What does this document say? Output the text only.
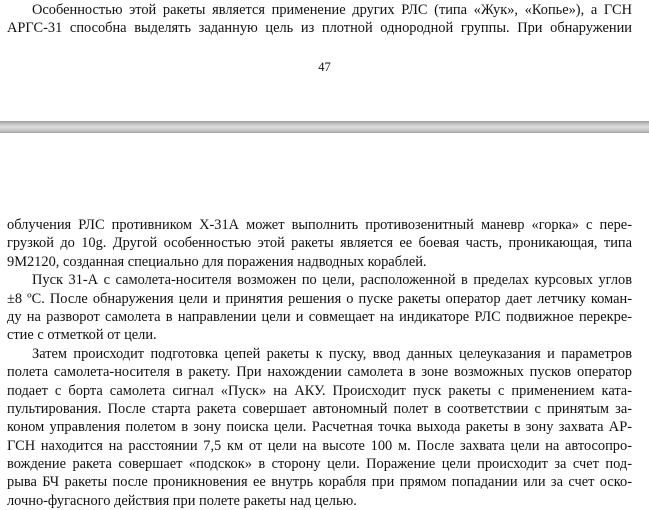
Особенностью этой ракеты является применение других РЛС (типа «Жук», «Копье»), а ГСН
АРГС-31 способна выделять заданную цель из плотной однородной группы. При обнаружении
47
облучения РЛС противником Х-31А может выполнить противозенитный маневр «горка» с пере-
грузкой до 10g. Другой особенностью этой ракеты является ее боевая часть, проникающая, типа
9М2120, созданная специально для поражения надводных кораблей.
Пуск 31-А с самолета-носителя возможен по цели, расположенной в пределах курсовых углов
±8 ºС. После обнаружения цели и принятия решения о пуске ракеты оператор дает летчику коман-
ду на разворот самолета в направлении цели и совмещает на индикаторе РЛС подвижное перекре-
стие с отметкой от цели.
Затем происходит подготовка цепей ракеты к пуску, ввод данных целеуказания и параметров
полета самолета-носителя в ракету. При нахождении самолета в зоне возможных пусков оператор
подает с борта самолета сигнал «Пуск» на АКУ. Происходит пуск ракеты с применением ката-
пультирования. После старта ракета совершает автономный полет в соответствии с принятым за-
коном управления полетом в зону поиска цели. Расчетная точка выхода ракеты в зону захвата АР-
ГСН находится на расстоянии 7,5 км от цели на высоте 100 м. После захвата цели на автосопро-
вождение ракета совершает «подскок» в сторону цели. Поражение цели происходит за счет под-
рыва БЧ ракеты после проникновения ее внутрь корабля при прямом попадании или за счет оско-
лочно-фугасного действия при полете ракеты над целью.
